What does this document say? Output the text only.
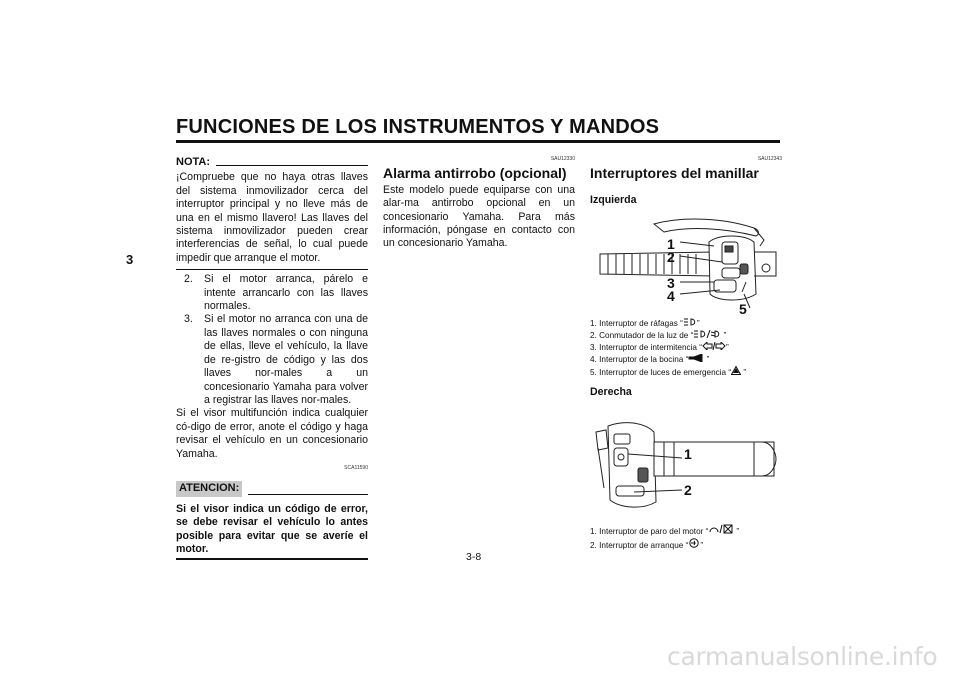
FUNCIONES DE LOS INSTRUMENTOS Y MANDOS
3
NOTA:

¡Compruebe que no haya otras llaves del sistema inmovilizador cerca del interruptor principal y no lleve más de una en el mismo llavero! Las llaves del sistema inmovilizador pueden crear interferencias de señal, lo cual puede impedir que arranque el motor.

2. Si el motor arranca, párelo e intente arrancarlo con las llaves normales.
3. Si el motor no arranca con una de las llaves normales o con ninguna de ellas, lleve el vehículo, la llave de re-gistro de código y las dos llaves nor-males a un concesionario Yamaha para volver a registrar las llaves nor-males.

Si el visor multifunción indica cualquier có-digo de error, anote el código y haga revisar el vehículo en un concesionario Yamaha.

SCA11590
ATENCION:

Si el visor indica un código de error, se debe revisar el vehículo lo antes posible para evitar que se averíe el motor.

SAU12330
Alarma antirrobo (opcional)

Este modelo puede equiparse con una alar-ma antirrobo opcional en un concesionario Yamaha. Para más información, póngase en contacto con un concesionario Yamaha.

SAU12343
Interruptores del manillar
Izquierda
1
2
3
4
5
1. Interruptor de ráfagas “ ”
2. Conmutador de la luz de “	”
3. Interruptor de intermitencia “	”
4. Interruptor de la bocina “ ”
5. Interruptor de luces de emergencia “ ”
Derecha
1
2
1. Interruptor de paro del motor “	”
2. Interruptor de arranque “ ”
3-8
carmanualsonline.info
